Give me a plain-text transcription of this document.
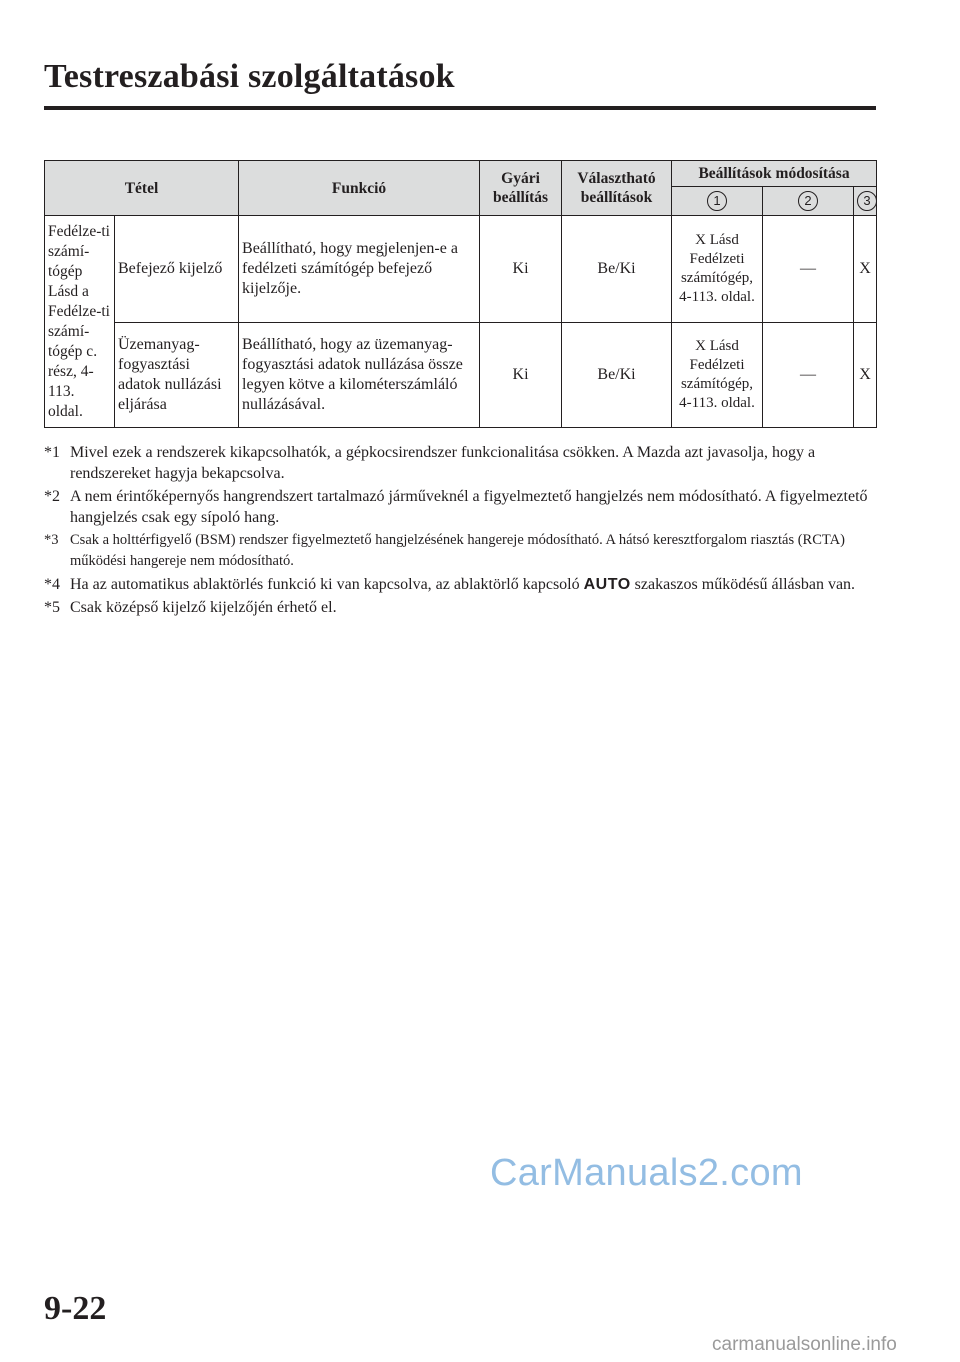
Testreszabási szolgáltatások
Tétel		Funkció	Gyári beállítás	Választható beállítások	Beállítások módosítása		
					1	2	3
Fedélze-ti számí-tógép Lásd a Fedélze-ti számí-tógép c. rész, 4-113. oldal.	Befejező kijelző	Beállítható, hogy megjelenjen-e a fedélzeti számítógép befejező kijelzője.	Ki	Be/Ki	X Lásd Fedélzeti számítógép, 4-113. oldal.	—	X
	Üzemanyag-fogyasztási adatok nullázási eljárása	Beállítható, hogy az üzemanyag-fogyasztási adatok nullázása össze legyen kötve a kilométerszámláló nullázásával.	Ki	Be/Ki	X Lásd Fedélzeti számítógép, 4-113. oldal.	—	X
*1 Mivel ezek a rendszerek kikapcsolhatók, a gépkocsirendszer funkcionalitása csökken. A Mazda azt javasolja, hogy a rendszereket hagyja bekapcsolva.
*2 A nem érintőképernyős hangrendszert tartalmazó járműveknél a figyelmeztető hangjelzés nem módosítható. A figyelmeztető hangjelzés csak egy sípoló hang.
*3 Csak a holttérfigyelő (BSM) rendszer figyelmeztető hangjelzésének hangereje módosítható. A hátsó keresztforgalom riasztás (RCTA) működési hangereje nem módosítható.
*4 Ha az automatikus ablaktörlés funkció ki van kapcsolva, az ablaktörlő kapcsoló AUTO szakaszos működésű állásban van.
*5 Csak középső kijelző kijelzőjén érhető el.
CarManuals2.com
9-22
carmanualsonline.info
